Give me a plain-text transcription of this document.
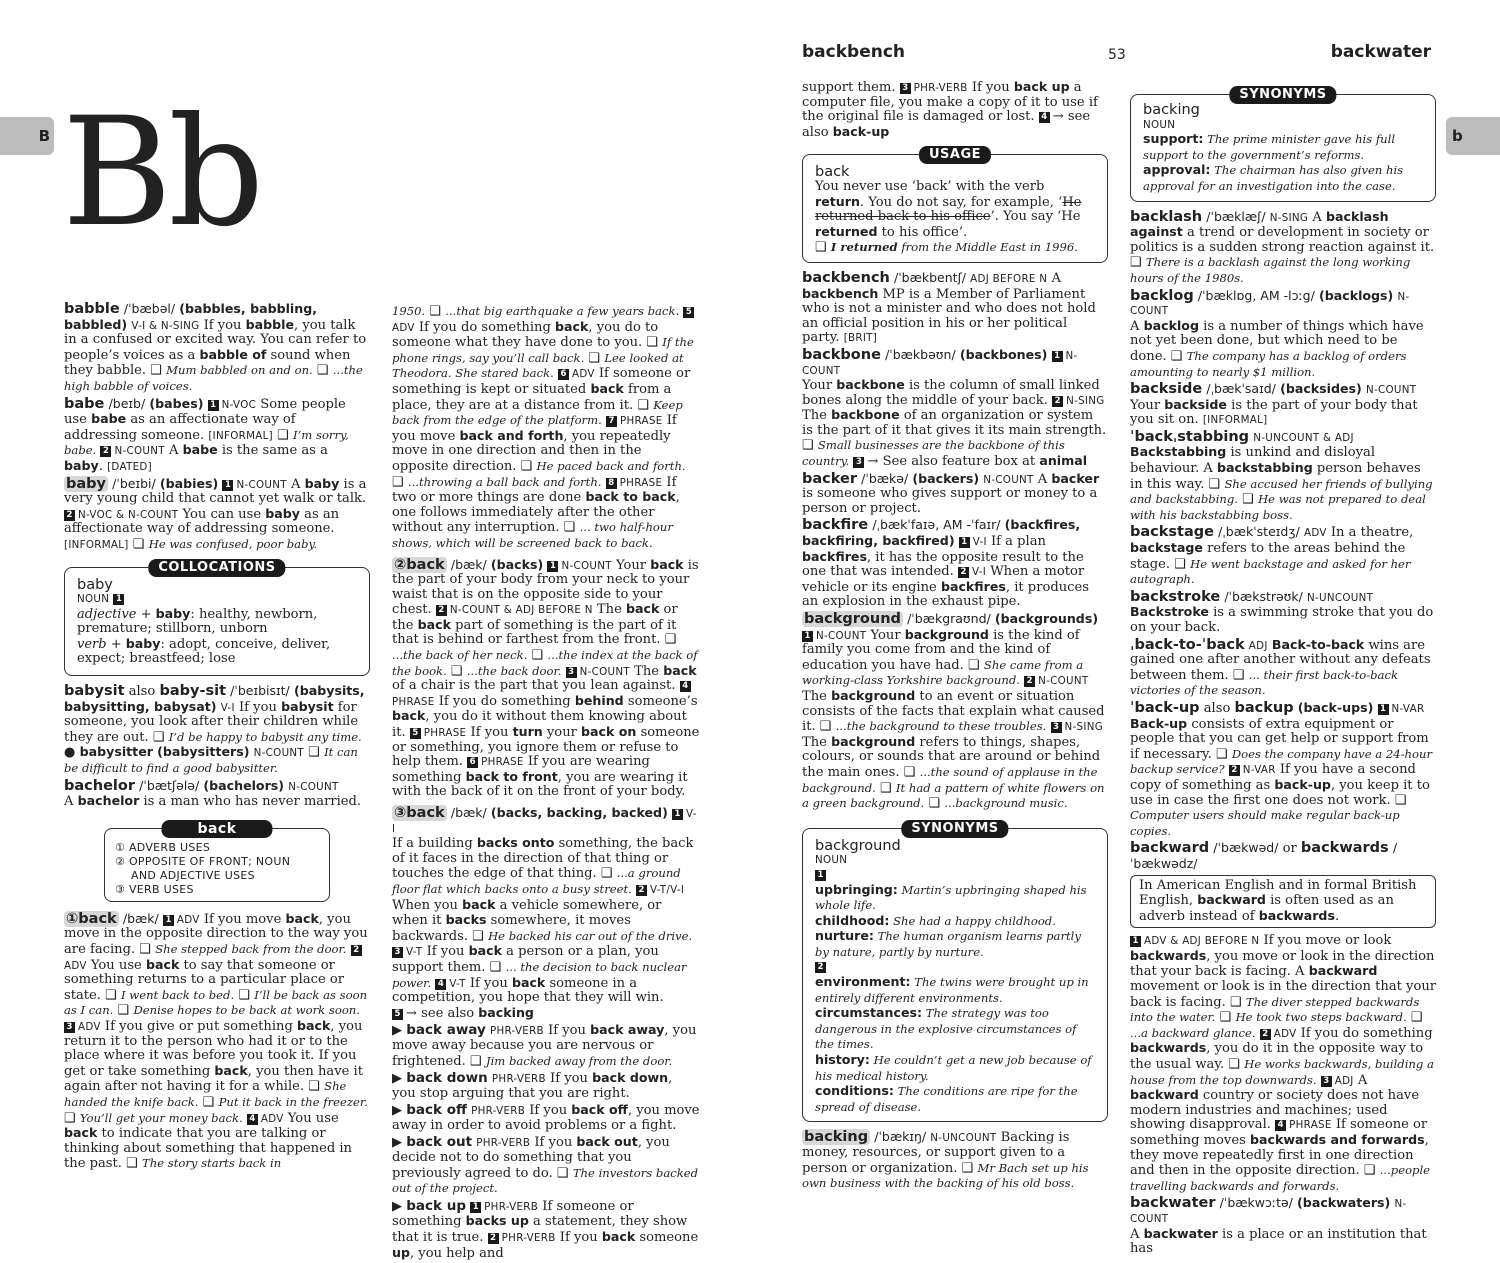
B	b
Bb
backbench	53	backwater

babble /ˈbæbəl/ (babbles, babbling, babbled) V-I & N-SING If you babble, you talk in a confused or excited way. You can refer to people’s voices as a babble of sound when they babble. ❑ Mum babbled on and on. ❑ ...the high babble of voices.

babe /beɪb/ (babes) 1 N-VOC Some people use babe as an affectionate way of addressing someone. [INFORMAL] ❑ I’m sorry, babe. 2 N-COUNT A babe is the same as a baby. [DATED]

baby /ˈbeɪbi/ (babies) 1 N-COUNT A baby is a very young child that cannot yet walk or talk. 2 N-VOC & N-COUNT You can use baby as an affectionate way of addressing someone. [INFORMAL] ❑ He was confused, poor baby.

COLLOCATIONS
baby
NOUN 1
adjective + baby: healthy, newborn, premature; stillborn, unborn
verb + baby: adopt, conceive, deliver, expect; breastfeed; lose

babysit also baby-sit /ˈbeɪbisɪt/ (babysits, babysitting, babysat) V-I If you babysit for someone, you look after their children while they are out. ❑ I’d be happy to babysit any time.
● babysitter (babysitters) N-COUNT ❑ It can be difficult to find a good babysitter.

bachelor /ˈbætʃələ/ (bachelors) N-COUNT
A bachelor is a man who has never married.

back
① ADVERB USES
② OPPOSITE OF FRONT; NOUN AND ADJECTIVE USES
③ VERB USES

①back /bæk/ 1 ADV If you move back, you move in the opposite direction to the way you are facing. ❑ She stepped back from the door. 2ADV You use back to say that someone or something returns to a particular place or state. ❑ I went back to bed. ❑ I’ll be back as soon as I can. ❑ Denise hopes to be back at work soon. 3 ADV If you give or put something back, you return it to the person who had it or to the place where it was before you took it. If you get or take something back, you then have it again after not having it for a while. ❑ She handed the knife back. ❑ Put it back in the freezer. ❑ You’ll get your money back. 4 ADV You use back to indicate that you are talking or thinking about something that happened in the past. ❑ The story starts back in

1950. ❑ ...that big earthquake a few years back. 5ADV If you do something back, you do to someone what they have done to you. ❑ If the phone rings, say you’ll call back. ❑ Lee looked at Theodora. She stared back. 6 ADV If someone or something is kept or situated back from a place, they are at a distance from it. ❑ Keep back from the edge of the platform. 7 PHRASE If you move back and forth, you repeatedly move in one direction and then in the opposite direction. ❑ He paced back and forth. ❑ ...throwing a ball back and forth. 8 PHRASE If two or more things are done back to back, one follows immediately after the other without any interruption. ❑ ... two half-hour shows, which will be screened back to back.

②back /bæk/ (backs) 1 N-COUNT Your back is the part of your body from your neck to your waist that is on the opposite side to your chest. 2 N-COUNT & ADJ BEFORE N The back or the back part of something is the part of it that is behind or farthest from the front. ❑ ...the back of her neck. ❑ ...the index at the back of the book. ❑ ...the back door. 3 N-COUNT The back of a chair is the part that you lean against. 4PHRASE If you do something behind someone’s back, you do it without them knowing about it. 5 PHRASE If you turn your back on someone or something, you ignore them or refuse to help them. 6 PHRASE If you are wearing something back to front, you are wearing it with the back of it on the front of your body.

③back /bæk/ (backs, backing, backed) 1 V-I
If a building backs onto something, the back of it faces in the direction of that thing or touches the edge of that thing. ❑ ...a ground floor flat which backs onto a busy street. 2 V-T/V-I When you back a vehicle somewhere, or when it backs somewhere, it moves backwards. ❑ He backed his car out of the drive. 3 V-T If you back a person or a plan, you support them. ❑ ... the decision to back nuclear power. 4 V-T If you back someone in a competition, you hope that they will win.
5 → see also backing

▶ back away PHR-VERB If you back away, you move away because you are nervous or frightened. ❑ Jim backed away from the door.

▶ back down PHR-VERB If you back down, you stop arguing that you are right.

▶ back off PHR-VERB If you back off, you move away in order to avoid problems or a fight.

▶ back out PHR-VERB If you back out, you decide not to do something that you previously agreed to do. ❑ The investors backed out of the project.

▶ back up 1 PHR-VERB If someone or something backs up a statement, they show that it is true. 2 PHR-VERB If you back someone up, you help and

support them. 3 PHR-VERB If you back up a computer file, you make a copy of it to use if the original file is damaged or lost. 4 → see also back-up

USAGE
back
You never use ‘back’ with the verb return. You do not say, for example, ‘He returned back to his office’. You say ‘He returned to his office’.
❑ I returned from the Middle East in 1996.

backbench /ˈbækbentʃ/ ADJ BEFORE N A backbench MP is a Member of Parliament who is not a minister and who does not hold an official position in his or her political party. [BRIT]

backbone /ˈbækbəʊn/ (backbones) 1 N-COUNT
Your backbone is the column of small linked bones along the middle of your back. 2 N-SING
The backbone of an organization or system is the part of it that gives it its main strength. ❑ Small businesses are the backbone of this country. 3 → See also feature box at animal

backer /ˈbækə/ (backers) N-COUNT A backer is someone who gives support or money to a person or project.

backfire /ˌbækˈfaɪə, AM -ˈfaɪr/ (backfires, backfiring, backfired) 1 V-I If a plan backfires, it has the opposite result to the one that was intended. 2 V-I When a motor vehicle or its engine backfires, it produces an explosion in the exhaust pipe.

background /ˈbækgraʊnd/ (backgrounds)
1 N-COUNT Your background is the kind of family you come from and the kind of education you have had. ❑ She came from a working-class Yorkshire background. 2 N-COUNT The background to an event or situation consists of the facts that explain what caused it. ❑ ...the background to these troubles. 3 N-SING The background refers to things, shapes, colours, or sounds that are around or behind the main ones. ❑ ...the sound of applause in the background. ❑ It had a pattern of white flowers on a green background. ❑ ...background music.

SYNONYMS
background
NOUN
1
upbringing: Martin’s upbringing shaped his whole life.
childhood: She had a happy childhood.
nurture: The human organism learns partly by nature, partly by nurture.
2
environment: The twins were brought up in entirely different environments.
circumstances: The strategy was too dangerous in the explosive circumstances of the times.
history: He couldn’t get a new job because of his medical history.
conditions: The conditions are ripe for the spread of disease.

backing /ˈbækɪŋ/ N-UNCOUNT Backing is money, resources, or support given to a person or organization. ❑ Mr Bach set up his own business with the backing of his old boss.

SYNONYMS
backing
NOUN
support: The prime minister gave his full support to the government’s reforms.
approval: The chairman has also given his approval for an investigation into the case.

backlash /ˈbæklæʃ/ N-SING A backlash against a trend or development in society or politics is a sudden strong reaction against it. ❑ There is a backlash against the long working hours of the 1980s.

backlog /ˈbæklɒg, AM -lɔːg/ (backlogs) N-COUNT
A backlog is a number of things which have not yet been done, but which need to be done. ❑ The company has a backlog of orders amounting to nearly $1 million.

backside /ˌbækˈsaɪd/ (backsides) N-COUNT Your backside is the part of your body that you sit on. [INFORMAL]

ˈbackˌstabbing N-UNCOUNT & ADJ Backstabbing is unkind and disloyal behaviour. A backstabbing person behaves in this way. ❑ She accused her friends of bullying and backstabbing. ❑ He was not prepared to deal with his backstabbing boss.

backstage /ˌbækˈsteɪdʒ/ ADV In a theatre, backstage refers to the areas behind the stage. ❑ He went backstage and asked for her autograph.

backstroke /ˈbækstrəʊk/ N-UNCOUNT
Backstroke is a swimming stroke that you do on your back.

ˌback-to-ˈback ADJ Back-to-back wins are gained one after another without any defeats between them. ❑ ... their first back-to-back victories of the season.

ˈback-up also backup (back-ups) 1 N-VAR
Back-up consists of extra equipment or people that you can get help or support from if necessary. ❑ Does the company have a 24-hour backup service? 2 N-VAR If you have a second copy of something as back-up, you keep it to use in case the first one does not work. ❑ Computer users should make regular back-up copies.

backward /ˈbækwəd/ or backwards /ˈbækwədz/

In American English and in formal British English, backward is often used as an adverb instead of backwards.

1 ADV & ADJ BEFORE N If you move or look backwards, you move or look in the direction that your back is facing. A backward movement or look is in the direction that your back is facing. ❑ The diver stepped backwards into the water. ❑ He took two steps backward. ❑ ...a backward glance. 2 ADV If you do something backwards, you do it in the opposite way to the usual way. ❑ He works backwards, building a house from the top downwards. 3 ADJ A backward country or society does not have modern industries and machines; used showing disapproval. 4 PHRASE If someone or something moves backwards and forwards, they move repeatedly first in one direction and then in the opposite direction. ❑ ...people travelling backwards and forwards.

backwater /ˈbækwɔːtə/ (backwaters) N-COUNT
A backwater is a place or an institution that has
